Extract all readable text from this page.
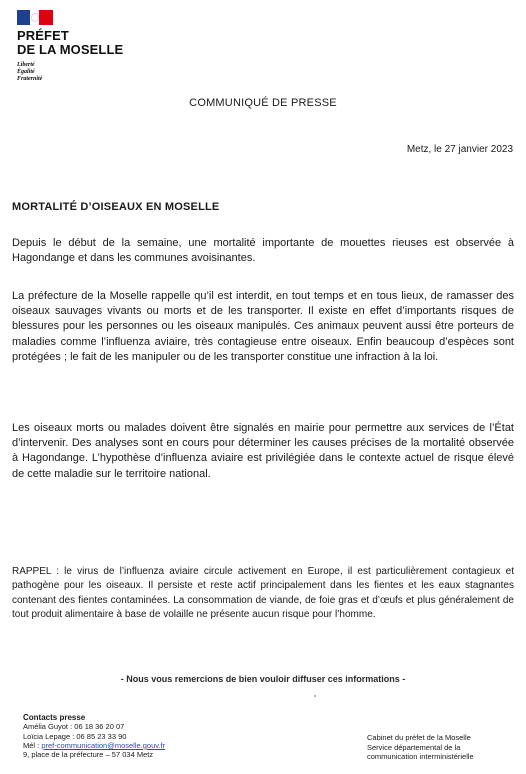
PRÉFET
DE LA MOSELLE
Liberté
Égalité
Fraternité
COMMUNIQUÉ DE PRESSE
Metz, le 27 janvier 2023
MORTALITÉ D’OISEAUX EN MOSELLE

Depuis le début de la semaine, une mortalité importante de mouettes rieuses est observée à Hagondange et dans les communes avoisinantes.

La préfecture de la Moselle rappelle qu’il est interdit, en tout temps et en tous lieux, de ramasser des oiseaux sauvages vivants ou morts et de les transporter. Il existe en effet d’importants risques de blessures pour les personnes ou les oiseaux manipulés. Ces animaux peuvent aussi être porteurs de maladies comme l’influenza aviaire, très contagieuse entre oiseaux. Enfin beaucoup d’espèces sont protégées ; le fait de les manipuler ou de les transporter constitue une infraction à la loi.

Les oiseaux morts ou malades doivent être signalés en mairie pour permettre aux services de l’État d’intervenir. Des analyses sont en cours pour déterminer les causes précises de la mortalité observée à Hagondange. L’hypothèse d’influenza aviaire est privilégiée dans le contexte actuel de risque élevé de cette maladie sur le territoire national.

RAPPEL : le virus de l’influenza aviaire circule activement en Europe, il est particulièrement contagieux et pathogène pour les oiseaux. Il persiste et reste actif principalement dans les fientes et les eaux stagnantes contenant des fientes contaminées. La consommation de viande, de foie gras et d’œufs et plus généralement de tout produit alimentaire à base de volaille ne présente aucun risque pour l’homme.

- Nous vous remercions de bien vouloir diffuser ces informations -
Contacts presse
Amélia Guyot : 06 18 36 20 07
Loïcia Lepage : 06 85 23 33 90
Mél : pref-communication@moselle.gouv.fr
9, place de la préfecture – 57 034 Metz
Cabinet du préfet de la Moselle
Service départemental de la
communication interministérielle
